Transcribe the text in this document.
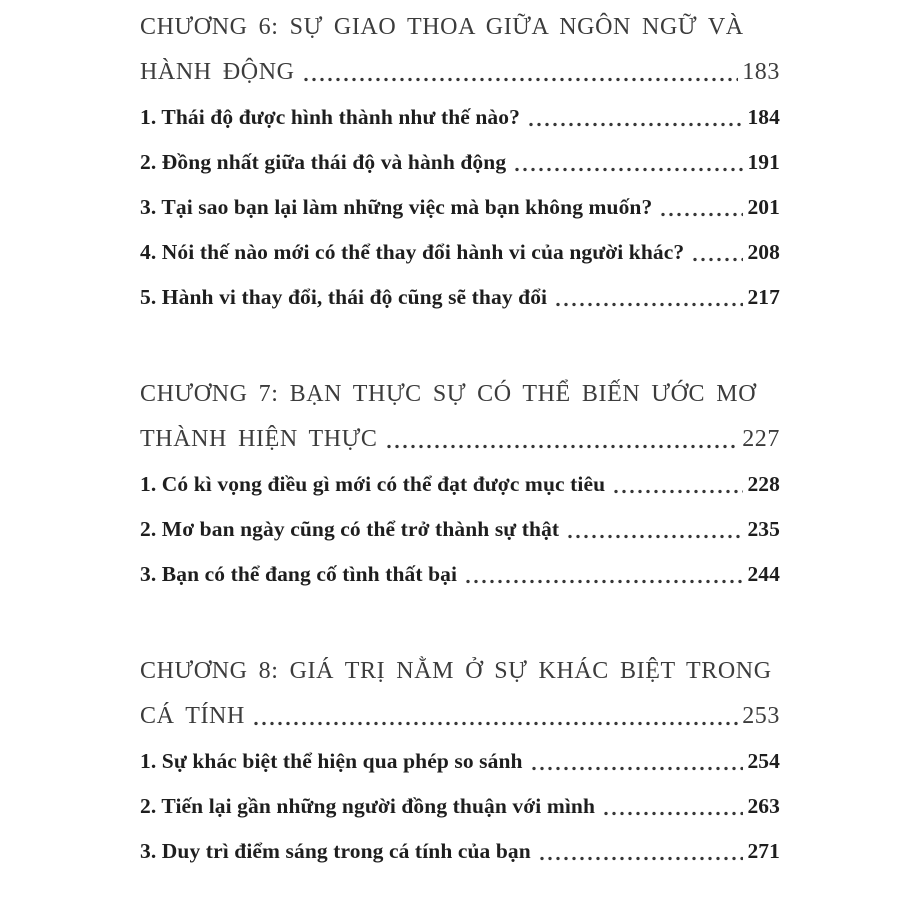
CHƯƠNG 6: SỰ GIAO THOA GIỮA NGÔN NGỮ VÀ
HÀNH ĐỘNG	183
1. Thái độ được hình thành như thế nào?	184
2. Đồng nhất giữa thái độ và hành động	191
3. Tại sao bạn lại làm những việc mà bạn không muốn?	201
4. Nói thế nào mới có thể thay đổi hành vi của người khác?	208
5. Hành vi thay đổi, thái độ cũng sẽ thay đổi	217
CHƯƠNG 7: BẠN THỰC SỰ CÓ THỂ BIẾN ƯỚC MƠ
THÀNH HIỆN THỰC	227
1. Có kì vọng điều gì mới có thể đạt được mục tiêu	228
2. Mơ ban ngày cũng có thể trở thành sự thật	235
3. Bạn có thể đang cố tình thất bại	244
CHƯƠNG 8: GIÁ TRỊ NẰM Ở SỰ KHÁC BIỆT TRONG
CÁ TÍNH	253
1. Sự khác biệt thể hiện qua phép so sánh	254
2. Tiến lại gần những người đồng thuận với mình	263
3. Duy trì điểm sáng trong cá tính của bạn	271
